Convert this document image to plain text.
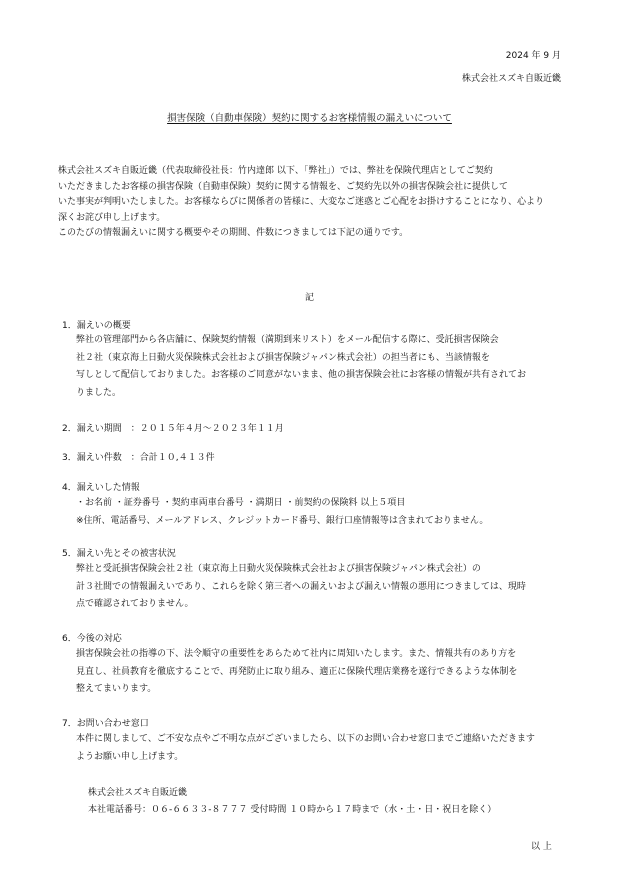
2024 年 9 月
株式会社スズキ自販近畿
損害保険（自動車保険）契約に関するお客様情報の漏えいについて
株式会社スズキ自販近畿（代表取締役社長：竹内達郎 以下、「弊社」）では、弊社を保険代理店としてご契約
いただきましたお客様の損害保険（自動車保険）契約に関する情報を、ご契約先以外の損害保険会社に提供して
いた事実が判明いたしました。お客様ならびに関係者の皆様に、大変なご迷惑とご心配をお掛けすることになり、心より
深くお詫び申し上げます。
このたびの情報漏えいに関する概要やその期間、件数につきましては下記の通りです。
記
1．漏えいの概要
弊社の管理部門から各店舗に、保険契約情報（満期到来リスト）をメール配信する際に、受託損害保険会
社２社（東京海上日動火災保険株式会社および損害保険ジャパン株式会社）の担当者にも、当該情報を
写しとして配信しておりました。お客様のご同意がないまま、他の損害保険会社にお客様の情報が共有されてお
りました。
2．漏えい期間　：２０１５年４月～２０２３年１１月
3．漏えい件数　：合計１０,４１３件
4．漏えいした情報
・お名前 ・証券番号 ・契約車両車台番号 ・満期日 ・前契約の保険料 以上５項目
※住所、電話番号、メールアドレス、クレジットカード番号、銀行口座情報等は含まれておりません。
5．漏えい先とその被害状況
弊社と受託損害保険会社２社（東京海上日動火災保険株式会社および損害保険ジャパン株式会社）の
計３社間での情報漏えいであり、これらを除く第三者への漏えいおよび漏えい情報の悪用につきましては、現時
点で確認されておりません。
6．今後の対応
損害保険会社の指導の下、法令順守の重要性をあらためて社内に周知いたします。また、情報共有のあり方を
見直し、社員教育を徹底することで、再発防止に取り組み、適正に保険代理店業務を遂行できるような体制を
整えてまいります。
7．お問い合わせ窓口
本件に関しまして、ご不安な点やご不明な点がございましたら、以下のお問い合わせ窓口までご連絡いただきます
ようお願い申し上げます。
株式会社スズキ自販近畿
本社電話番号：０６-６６３３-８７７７ 受付時間 １０時から１７時まで（水・土・日・祝日を除く）
以 上
